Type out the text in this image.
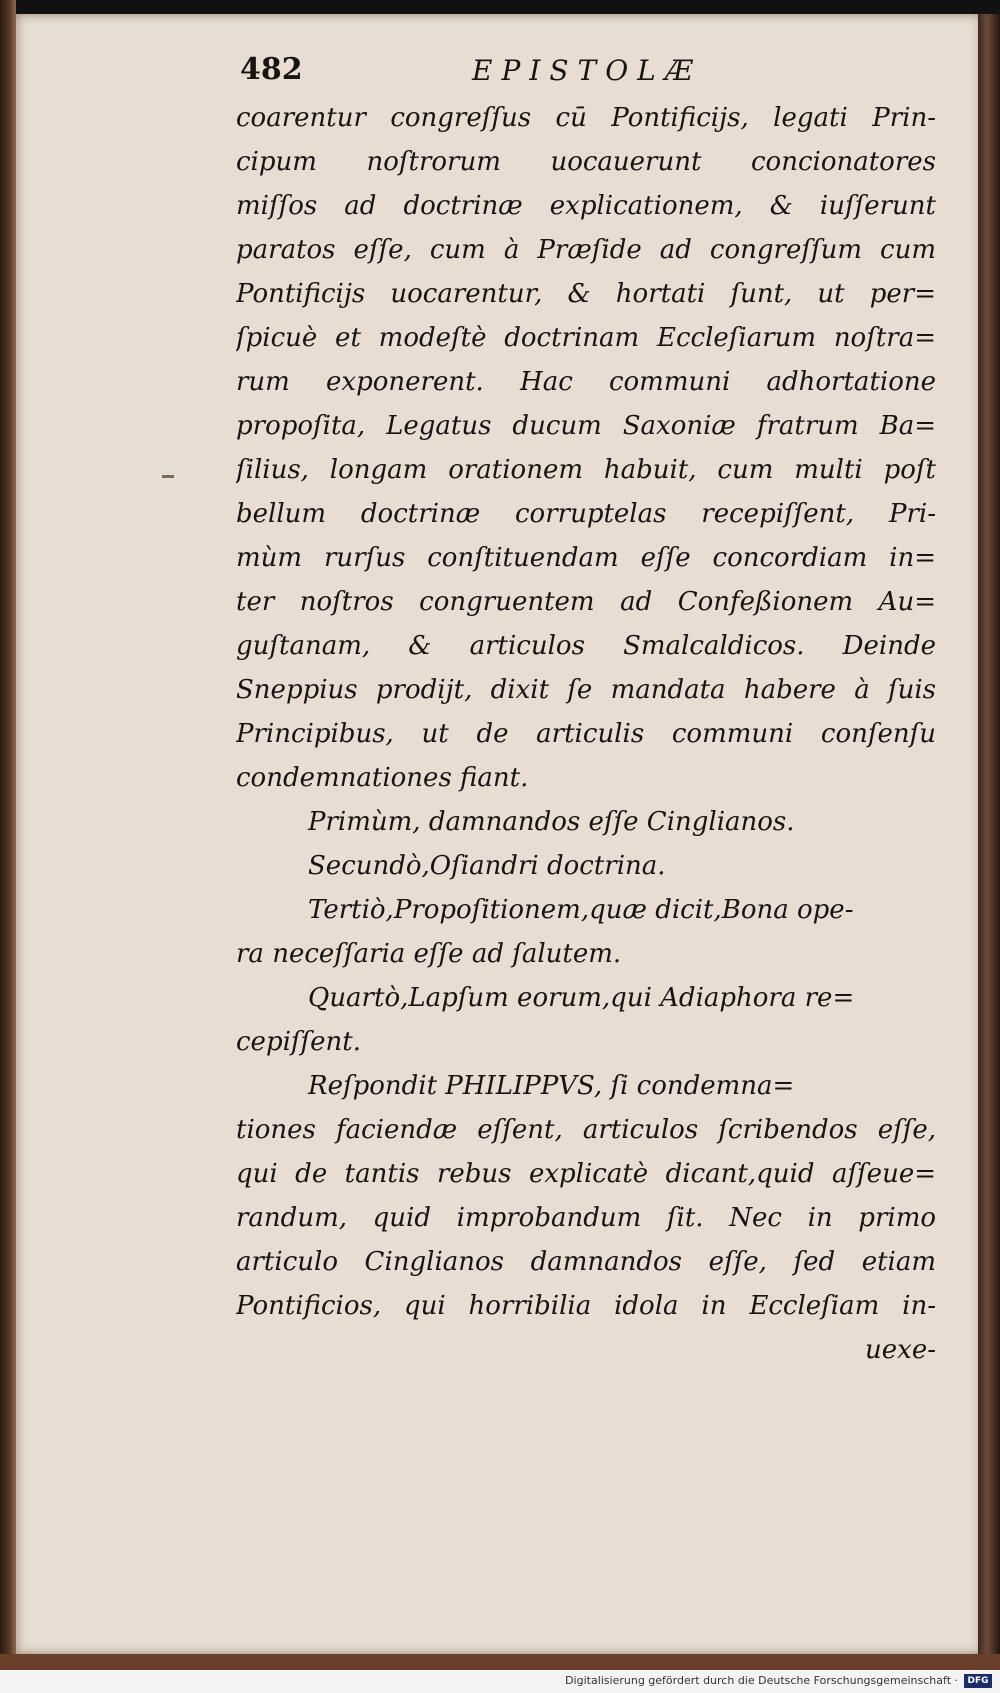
482	EPISTOLÆ
coarentur congreſſus cū Pontificijs, legati Prin-
cipum noſtrorum uocauerunt concionatores
miſſos ad doctrinæ explicationem, & iuſſerunt
paratos eſſe, cum à Præſide ad congreſſum cum
Pontificijs uocarentur, & hortati ſunt, ut per=
ſpicuè et modeſtè doctrinam Eccleſiarum noſtra=
rum exponerent. Hac communi adhortatione
propoſita, Legatus ducum Saxoniæ fratrum Ba=
ſilius, longam orationem habuit, cum multi poſt
bellum doctrinæ corruptelas recepiſſent, Pri-
mùm rurſus conſtituendam eſſe concordiam in=
ter noſtros congruentem ad Confeßionem Au=
guſtanam, & articulos Smalcaldicos. Deinde
Sneppius prodijt, dixit ſe mandata habere à ſuis
Principibus, ut de articulis communi conſenſu
condemnationes fiant.
Primùm, damnandos eſſe Cinglianos.
Secundò,Oſiandri doctrina.
Tertiò,Propoſitionem,quæ dicit,Bona ope-
ra neceſſaria eſſe ad ſalutem.
Quartò,Lapſum eorum,qui Adiaphora re=
cepiſſent.
Reſpondit PHILIPPVS, ſi condemna=
tiones faciendæ eſſent, articulos ſcribendos eſſe,
qui de tantis rebus explicatè dicant,quid aſſeue=
randum, quid improbandum ſit. Nec in primo
articulo Cinglianos damnandos eſſe, ſed etiam
Pontificios, qui horribilia idola in Eccleſiam in-
uexe-
Digitalisierung gefördert durch die Deutsche Forschungsgemeinschaft ·	DFG
